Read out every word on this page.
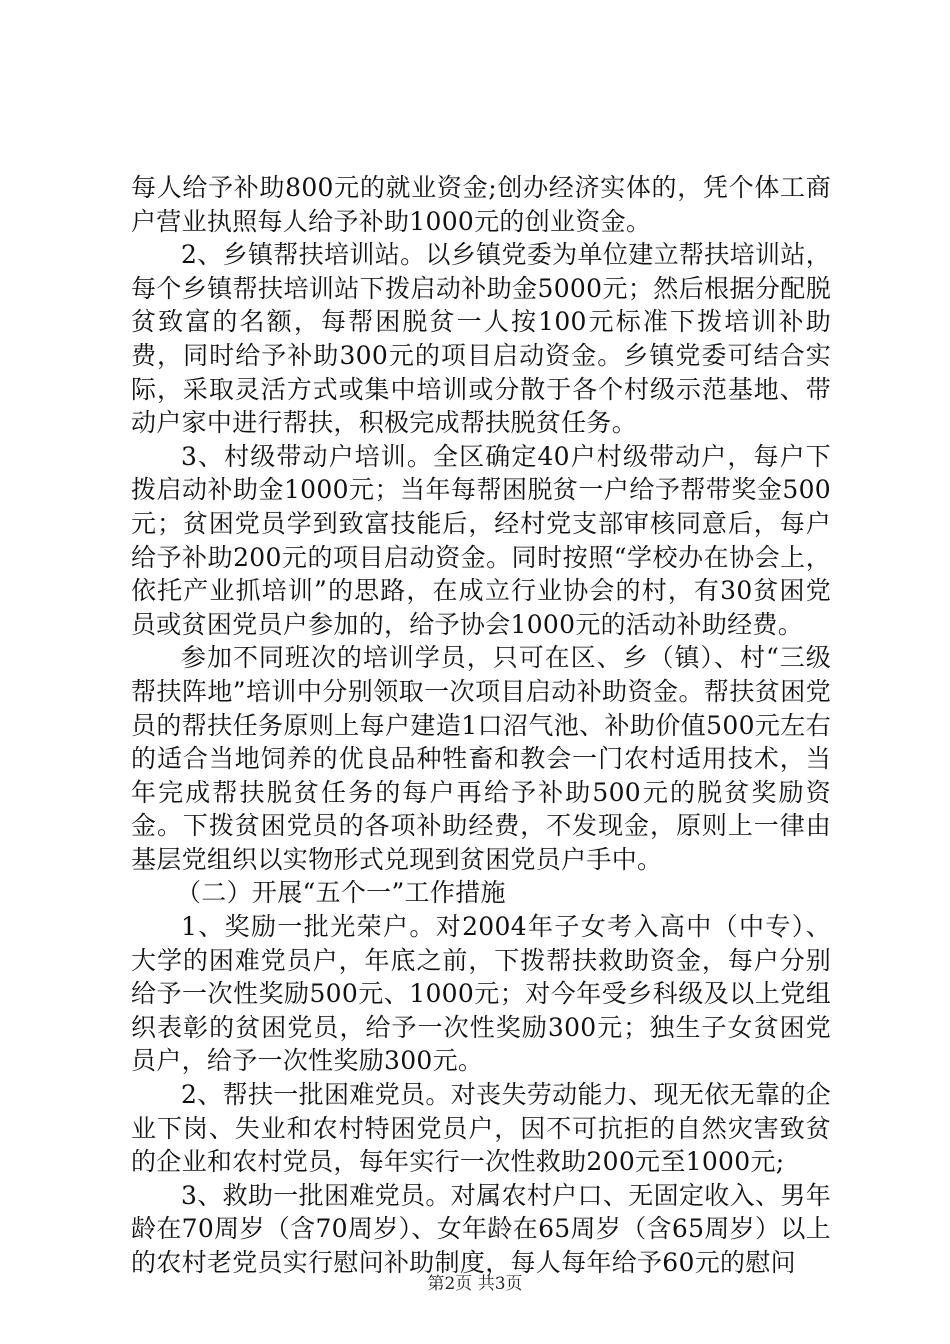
每人给予补助800元的就业资金;创办经济实体的，凭个体工商户营业执照每人给予补助1000元的创业资金。

2、乡镇帮扶培训站。以乡镇党委为单位建立帮扶培训站，每个乡镇帮扶培训站下拨启动补助金5000元；然后根据分配脱贫致富的名额，每帮困脱贫一人按100元标准下拨培训补助费，同时给予补助300元的项目启动资金。乡镇党委可结合实际，采取灵活方式或集中培训或分散于各个村级示范基地、带动户家中进行帮扶，积极完成帮扶脱贫任务。

3、村级带动户培训。全区确定40户村级带动户，每户下拨启动补助金1000元；当年每帮困脱贫一户给予帮带奖金500元；贫困党员学到致富技能后，经村党支部审核同意后，每户给予补助200元的项目启动资金。同时按照“学校办在协会上，依托产业抓培训”的思路，在成立行业协会的村，有30贫困党员或贫困党员户参加的，给予协会1000元的活动补助经费。

参加不同班次的培训学员，只可在区、乡（镇）、村“三级帮扶阵地”培训中分别领取一次项目启动补助资金。帮扶贫困党员的帮扶任务原则上每户建造1口沼气池、补助价值500元左右的适合当地饲养的优良品种牲畜和教会一门农村适用技术，当年完成帮扶脱贫任务的每户再给予补助500元的脱贫奖励资金。下拨贫困党员的各项补助经费，不发现金，原则上一律由基层党组织以实物形式兑现到贫困党员户手中。

（二）开展“五个一”工作措施

1、奖励一批光荣户。对2004年子女考入高中（中专）、大学的困难党员户，年底之前，下拨帮扶救助资金，每户分别给予一次性奖励500元、1000元；对今年受乡科级及以上党组织表彰的贫困党员，给予一次性奖励300元；独生子女贫困党员户，给予一次性奖励300元。

2、帮扶一批困难党员。对丧失劳动能力、现无依无靠的企业下岗、失业和农村特困党员户，因不可抗拒的自然灾害致贫的企业和农村党员，每年实行一次性救助200元至1000元;

3、救助一批困难党员。对属农村户口、无固定收入、男年龄在70周岁（含70周岁）、女年龄在65周岁（含65周岁）以上的农村老党员实行慰问补助制度，每人每年给予60元的慰问

第2页 共3页
